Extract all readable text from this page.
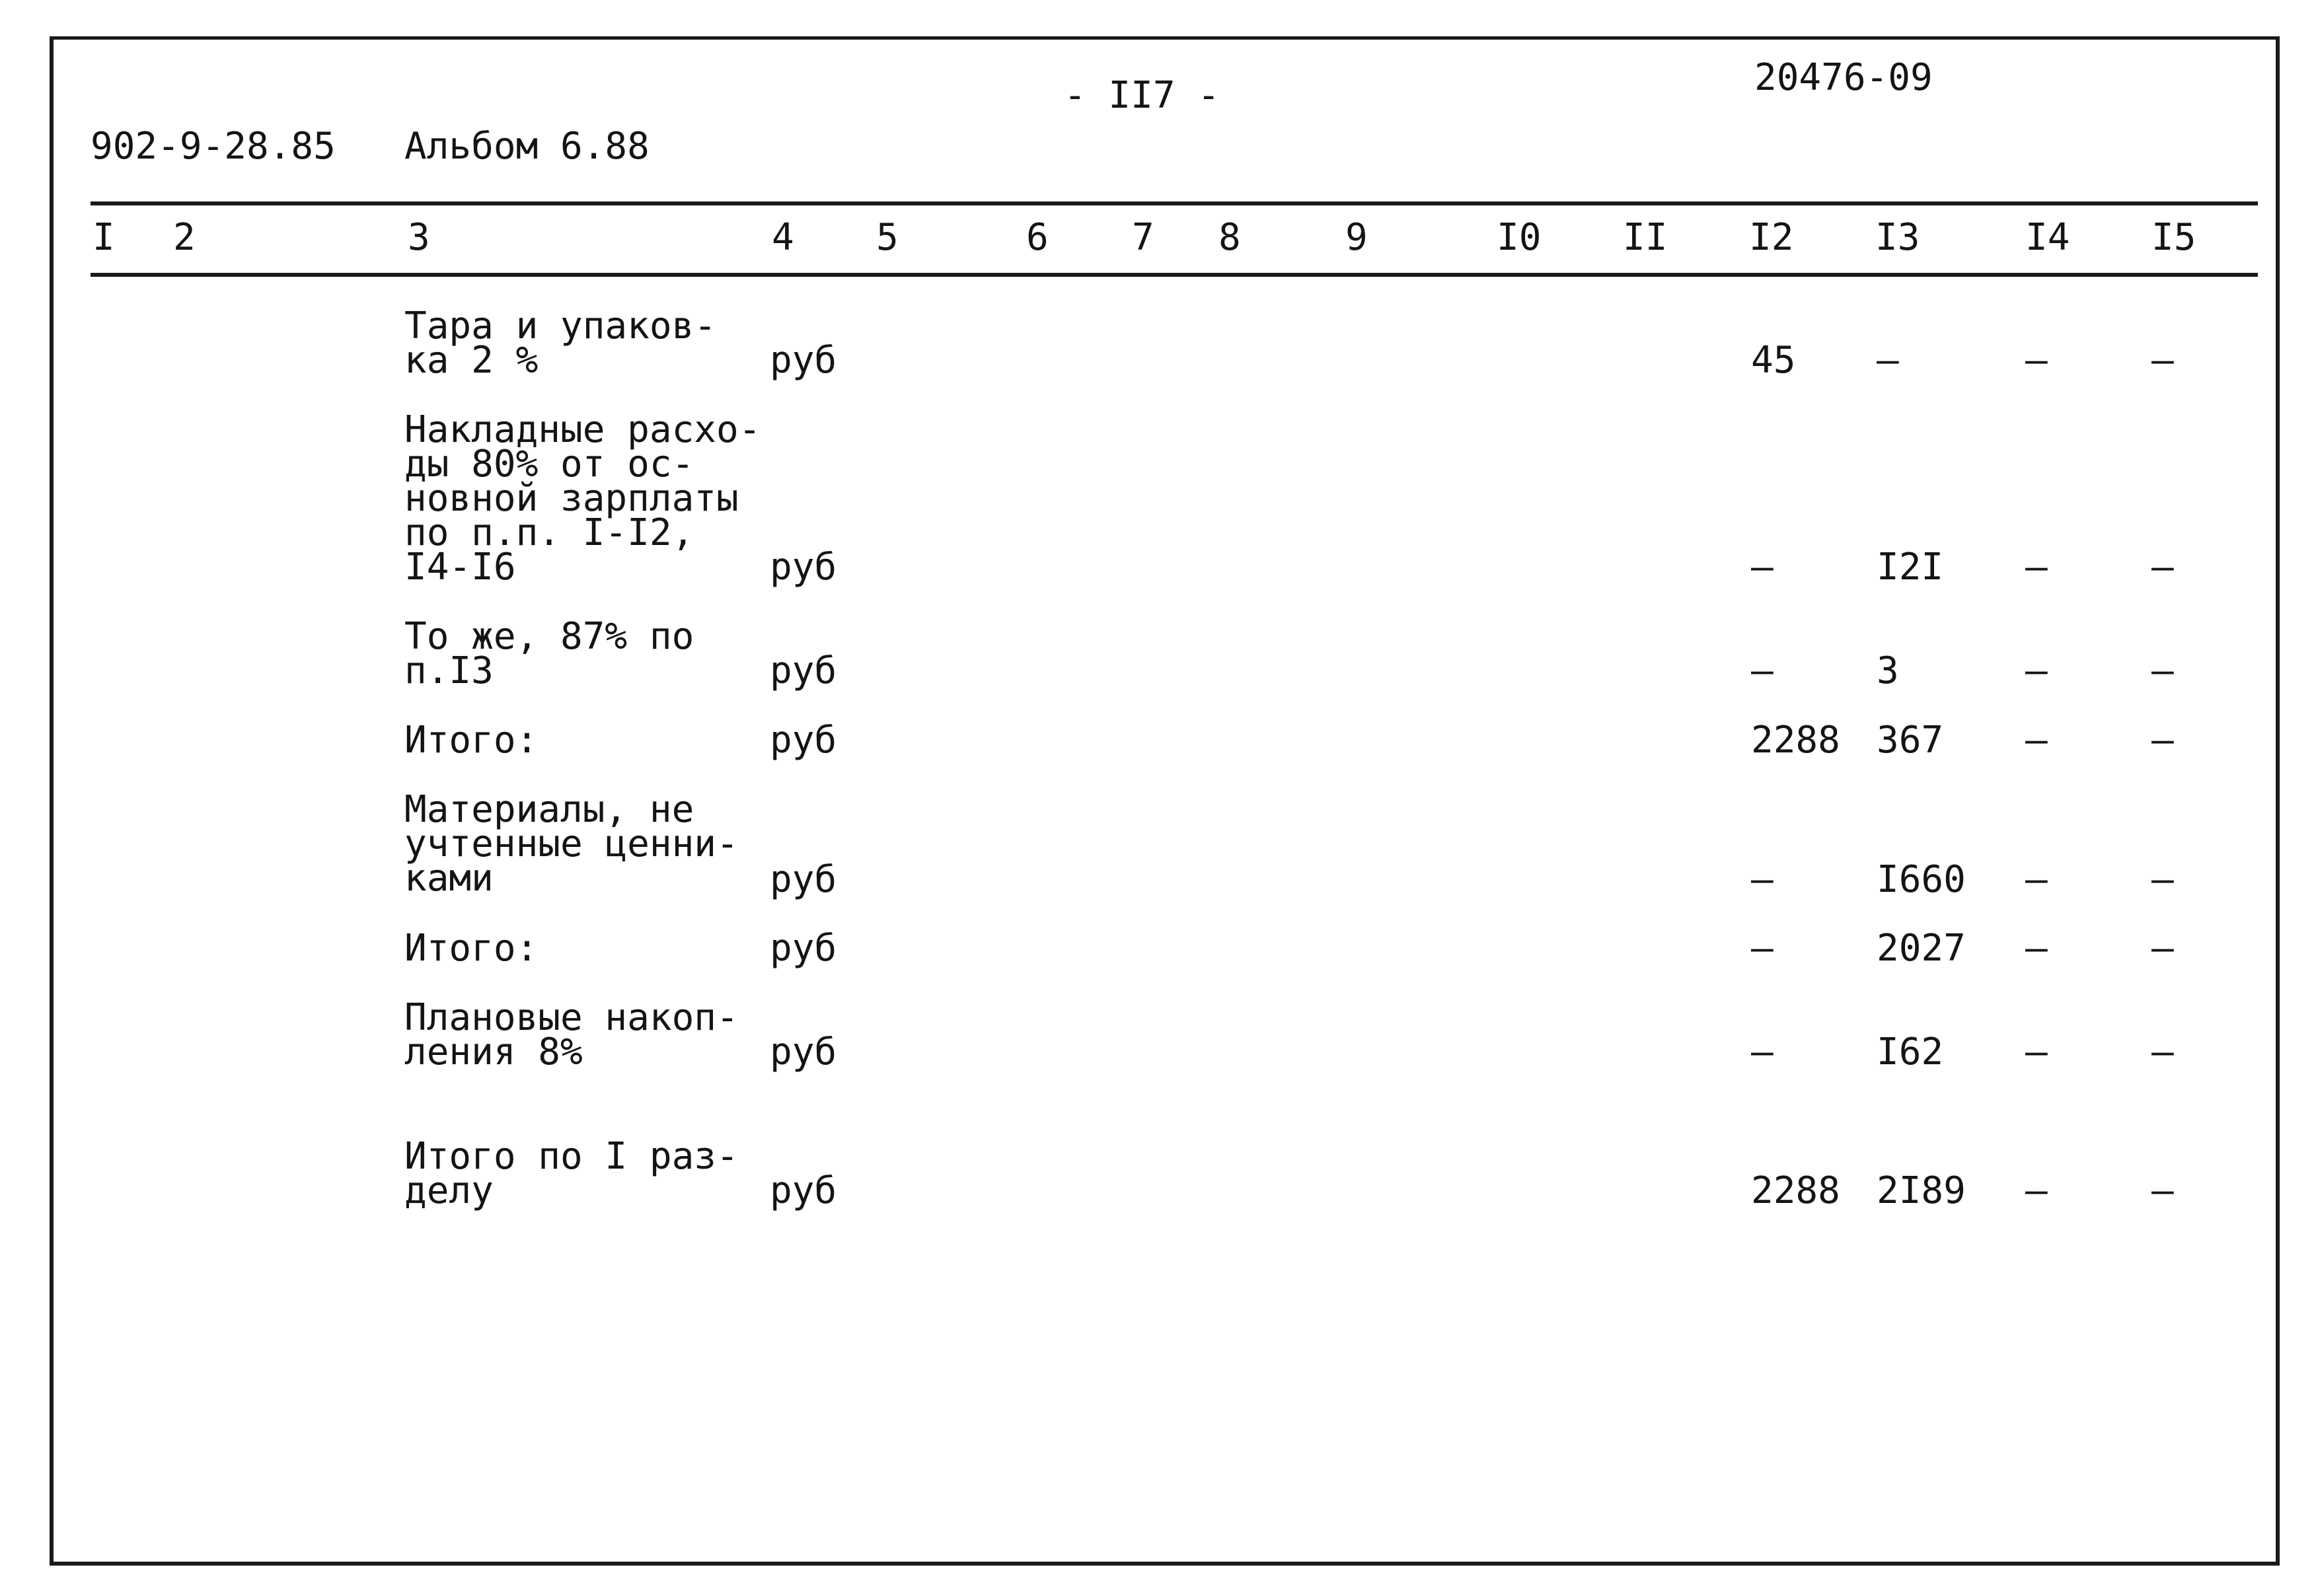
902-9-28.85 Альбом 6.88
- II7 -	20476-09
I 2	3	4 5	6 7 8	9	I0 II I2 I3	I4 I5
Тара и упаков-
ка 2 %	руб	45 –	–	–
Накладные расхо-
ды 80% от ос-
новной зарплаты
по п.п. I-I2,
I4-I6	руб	–	I2I –	–
То же, 87% по
п.I3	руб	–	3	–	–
Итого:	руб	2288 367 –	–
Материалы, не
учтенные ценни-
ками	руб	–	I660 –	–
Итого:	руб	–	2027 –	–
Плановые накоп-
ления 8%	руб	–	I62 –	–
Итого по I раз-
делу	руб	2288 2I89 –	–
